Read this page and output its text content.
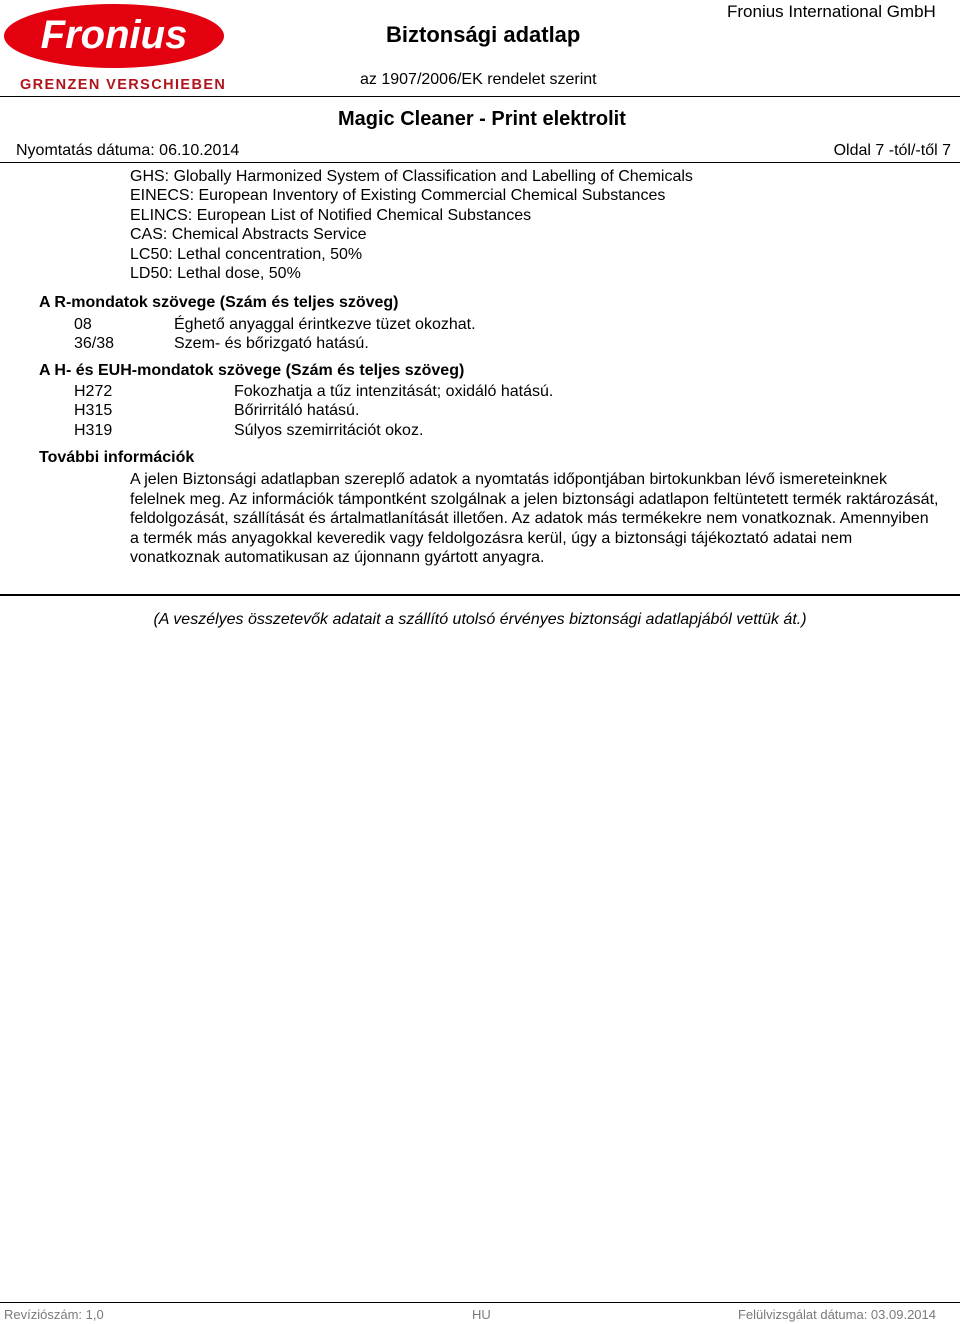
Fronius
GRENZEN VERSCHIEBEN
Biztonsági adatlap
Fronius International GmbH
az 1907/2006/EK rendelet szerint
Magic Cleaner - Print elektrolit
Nyomtatás dátuma: 06.10.2014	Oldal 7 -tól/-től 7
GHS: Globally Harmonized System of Classification and Labelling of Chemicals
EINECS: European Inventory of Existing Commercial Chemical Substances
ELINCS: European List of Notified Chemical Substances
CAS: Chemical Abstracts Service
LC50: Lethal concentration, 50%
LD50: Lethal dose, 50%
A R-mondatok szövege (Szám és teljes szöveg)
08	Éghető anyaggal érintkezve tüzet okozhat.
36/38	Szem- és bőrizgató hatású.
A H- és EUH-mondatok szövege (Szám és teljes szöveg)
H272	Fokozhatja a tűz intenzitását; oxidáló hatású.
H315	Bőrirritáló hatású.
H319	Súlyos szemirritációt okoz.
További információk

A jelen Biztonsági adatlapban szereplő adatok a nyomtatás időpontjában birtokunkban lévő ismereteinknek felelnek meg. Az információk támpontként szolgálnak a jelen biztonsági adatlapon feltüntetett termék raktározását, feldolgozását, szállítását és ártalmatlanítását illetően. Az adatok más termékekre nem vonatkoznak. Amennyiben a termék más anyagokkal keveredik vagy feldolgozásra kerül, úgy a biztonsági tájékoztató adatai nem vonatkoznak automatikusan az újonnann gyártott anyagra.

(A veszélyes összetevők adatait a szállító utolsó érvényes biztonsági adatlapjából vettük át.)
Revíziószám: 1,0	HU	Felülvizsgálat dátuma: 03.09.2014
